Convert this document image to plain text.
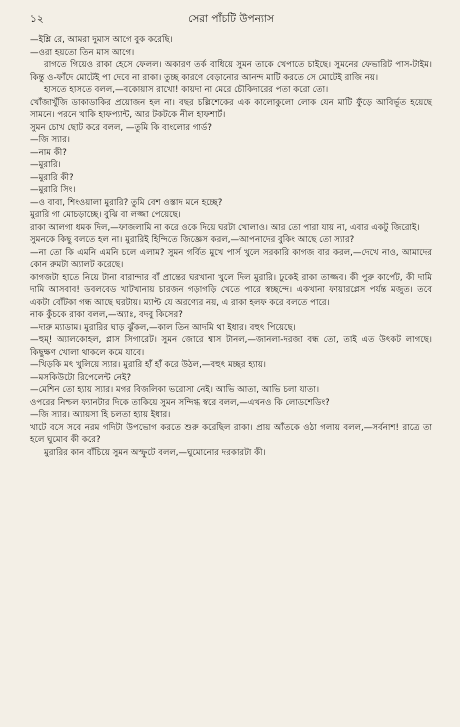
১২	সেরা পাঁচটি উপন্যাস

—ইশ্লি রে, আমরা দুমাস আগে বুক করেছি।

—ওরা হয়তো তিন মাস আগে।

রাগতে গিয়েও রাকা হেসে ফেলল। অকারণ তর্ক বাধিয়ে সুমন তাকে খেপাতে চাইছে। সুমনের ফেভারিট পাস-টাইম। কিন্তু ও-ফাঁদে মোটেই পা দেবে না রাকা। তুচ্ছ কারণে বেড়ানোর আনন্দ মাটি করতে সে মোটেই রাজি নয়।

হাসতে হাসতে বলল,—বকোয়াস রাখো! কায়দা না মেরে চৌকিদারের পতা করো তো।

খোঁজাখুঁজি ডাকাডাকির প্রয়োজন হল না। বছর চল্লিশেকের এক কালোকুলো লোক যেন মাটি ফুঁড়ে আবির্ভূত হয়েছে সামনে। পরনে খাকি হাফপ্যান্ট, আর টকটকে নীল হাফশার্ট।

সুমন চোখ ছোট করে বলল, —তুমি কি বাংলোর গার্ড?

—জি স্যার।

—নাম কী?

—মুরারি।

—মুরারি কী?

—মুরারি সিং।

—ও বাবা, শিংওয়ালা মুরারি? তুমি বেশ ওস্তাদ মনে হচ্ছে?

মুরারি গা মোচড়াচ্ছে। বুঝি বা লজ্জা পেয়েছে।

রাকা আলগা ধমক দিল,—ফাজলামি না করে ওকে দিয়ে ঘরটা খোলাও। আর তো পারা যায় না, এবার একটু জিরোই।

সুমনকে কিছু বলতে হল না। মুরারিই হিন্দিতে জিজ্ঞেস করল,—আপনাদের বুকিং আছে তো স্যার?

—না তো কি এমনি এমনি চলে এলাম? সুমন গর্বিত মুখে পার্স খুলে সরকারি কাগজ বার করল,—দেখে নাও, আমাদের কোন রুমটা অ্যালট করেছে।

কাগজটা হাতে নিয়ে টানা বারান্দার বাঁ প্রান্তের ঘরখানা খুলে দিল মুরারি। ঢুকেই রাকা তাজ্জব। কী পুরু কার্পেট, কী দামি দামি আসবাব! ডবলবেড খাটখানায় চারজন গড়াগড়ি খেতে পারে স্বচ্ছন্দে। একখানা ফায়ারপ্লেস পর্যন্ত মজুত। তবে একটা বোঁটকা গন্ধ আছে ঘরটায়। ম্যাপ্ট যে অরণ্যের নয়, এ রাকা হলফ করে বলতে পারে।

নাক কুঁচকে রাকা বলল,—অ্যাঃ, বদবু কিসের?

—দারু ম্যাডাম। মুরারির ঘাড় ঝুঁকল,—কাল তিন আদমি থা ইধার। বহুৎ পিয়েছে।

—হুম্‌! অ্যালকোহল, প্লাস সিগারেট। সুমন জোরে শ্বাস টানল,—জানলা-দরজা বন্ধ তো, তাই এত উৎকট লাগছে। কিছুক্ষণ খোলা থাকলে কমে যাবে।

—খিড়কি মৎ খুলিয়ে স্যার। মুরারি হাঁ হাঁ করে উঠল,—বহুৎ মচ্ছর হ্যায়।

—মসকিউটো রিপেলেন্ট নেই?

—মেশিন তো হ্যায় স্যার। মগর বিজলিকা ভরোসা নেই। আভি আতা, আভি চলা যাতা।

ওপরের নিশ্চল ফ্যানটার দিকে তাকিয়ে সুমন সন্দিগ্ধ স্বরে বলল,—এখনও কি লোডশেডিং?

—জি স্যার। অ্যায়সা হি চলতা হ্যায় ইধার।

খাটে বসে সবে নরম গদিটা উপভোগ করতে শুরু করেছিল রাকা। প্রায় আঁতকে ওঠা গলায় বলল,—সর্বনাশ! রাত্রে তা হলে ঘুমোব কী করে?

মুরারির কান বাঁচিয়ে সুমন অস্ফুটে বলল,—ঘুমোনোর দরকারটা কী।
